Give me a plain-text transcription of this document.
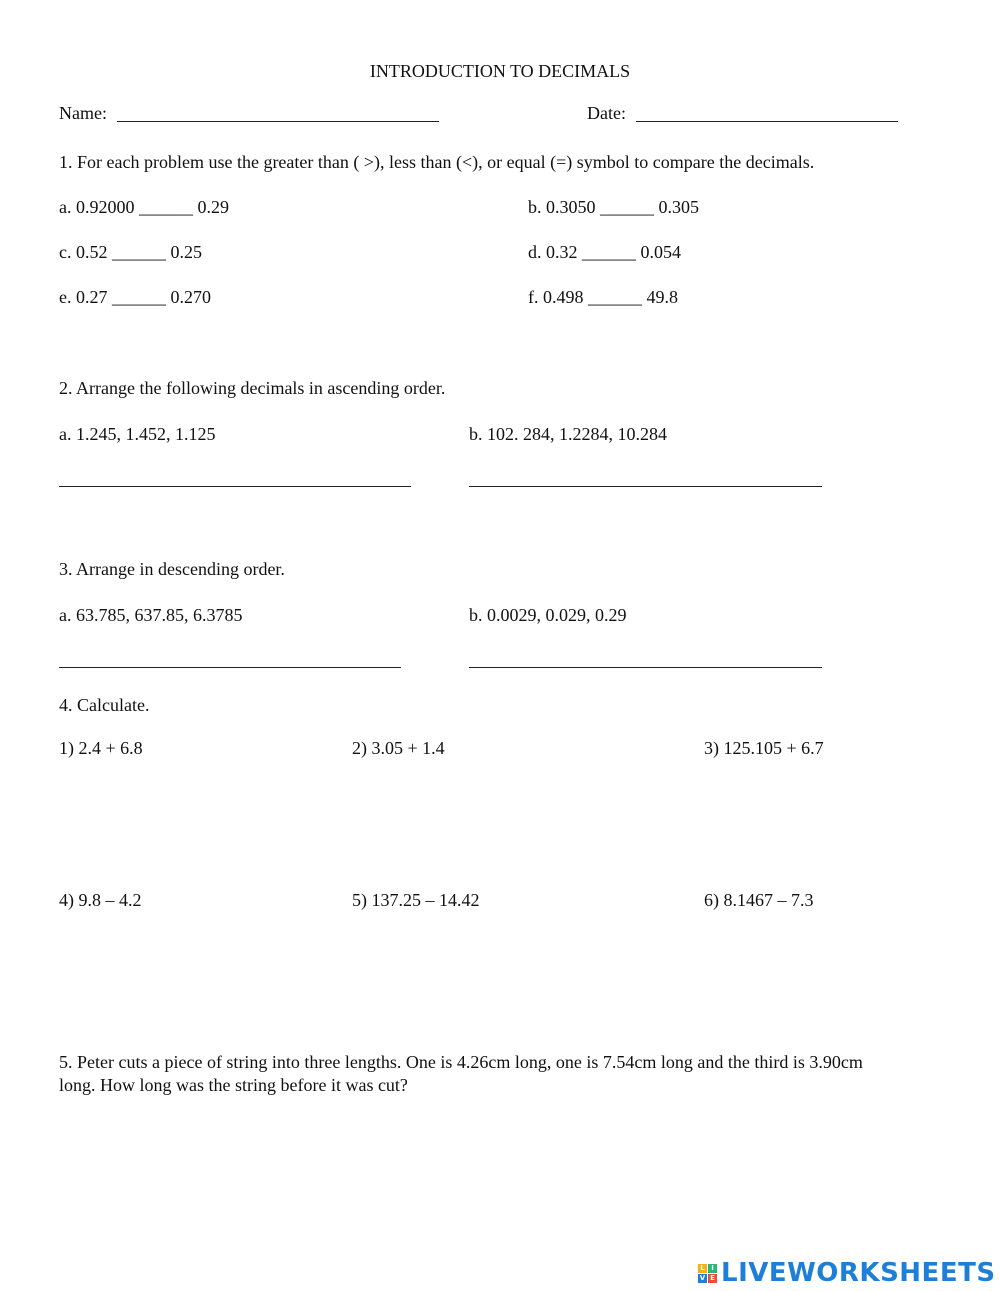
INTRODUCTION TO DECIMALS
Name:	Date:
1. For each problem use the greater than ( >), less than (<), or equal (=) symbol to compare the decimals.
a. 0.92000 ______ 0.29	b. 0.3050 ______ 0.305
c. 0.52 ______ 0.25	d. 0.32 ______ 0.054
e. 0.27 ______ 0.270	f. 0.498 ______ 49.8
2. Arrange the following decimals in ascending order.
a. 1.245, 1.452, 1.125	b. 102. 284, 1.2284, 10.284
3. Arrange in descending order.
a. 63.785, 637.85, 6.3785	b. 0.0029, 0.029, 0.29
4. Calculate.
1) 2.4 + 6.8	2) 3.05 + 1.4	3) 125.105 + 6.7
4) 9.8 – 4.2	5) 137.25 – 14.42	6) 8.1467 – 7.3
5. Peter cuts a piece of string into three lengths. One is 4.26cm long, one is 7.54cm long and the third is 3.90cm
long. How long was the string before it was cut?
L I
V E LIVEWORKSHEETS
